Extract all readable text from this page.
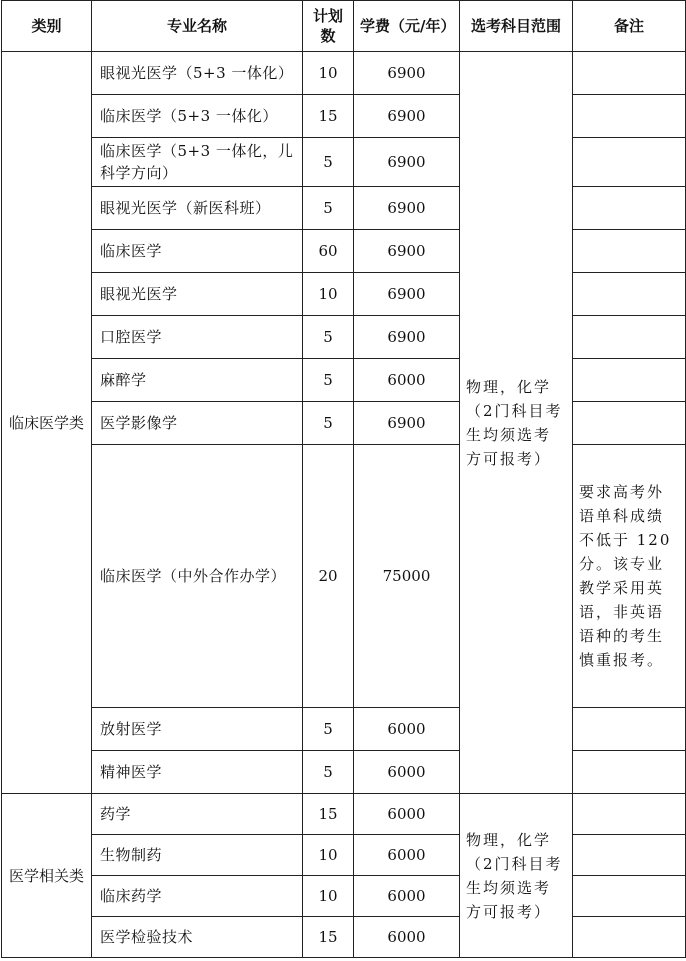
类别	专业名称	计划数	学费（元/年）	选考科目范围	备注
临床医学类	眼视光医学（5+3 一体化）	10	6900	物理，化学（2门科目考生均须选考方可报考）	
	临床医学（5+3 一体化）	15	6900		
	临床医学（5+3 一体化，儿科学方向）	5	6900		
	眼视光医学（新医科班）	5	6900		
	临床医学	60	6900		
	眼视光医学	10	6900		
	口腔医学	5	6900		
	麻醉学	5	6000		
	医学影像学	5	6900		
	临床医学（中外合作办学）	20	75000		要求高考外语单科成绩不低于 120 分。该专业教学采用英语，非英语语种的考生慎重报考。
	放射医学	5	6000		
	精神医学	5	6000		
医学相关类	药学	15	6000	物理，化学（2门科目考生均须选考方可报考）	
	生物制药	10	6000		
	临床药学	10	6000		
	医学检验技术	15	6000		
